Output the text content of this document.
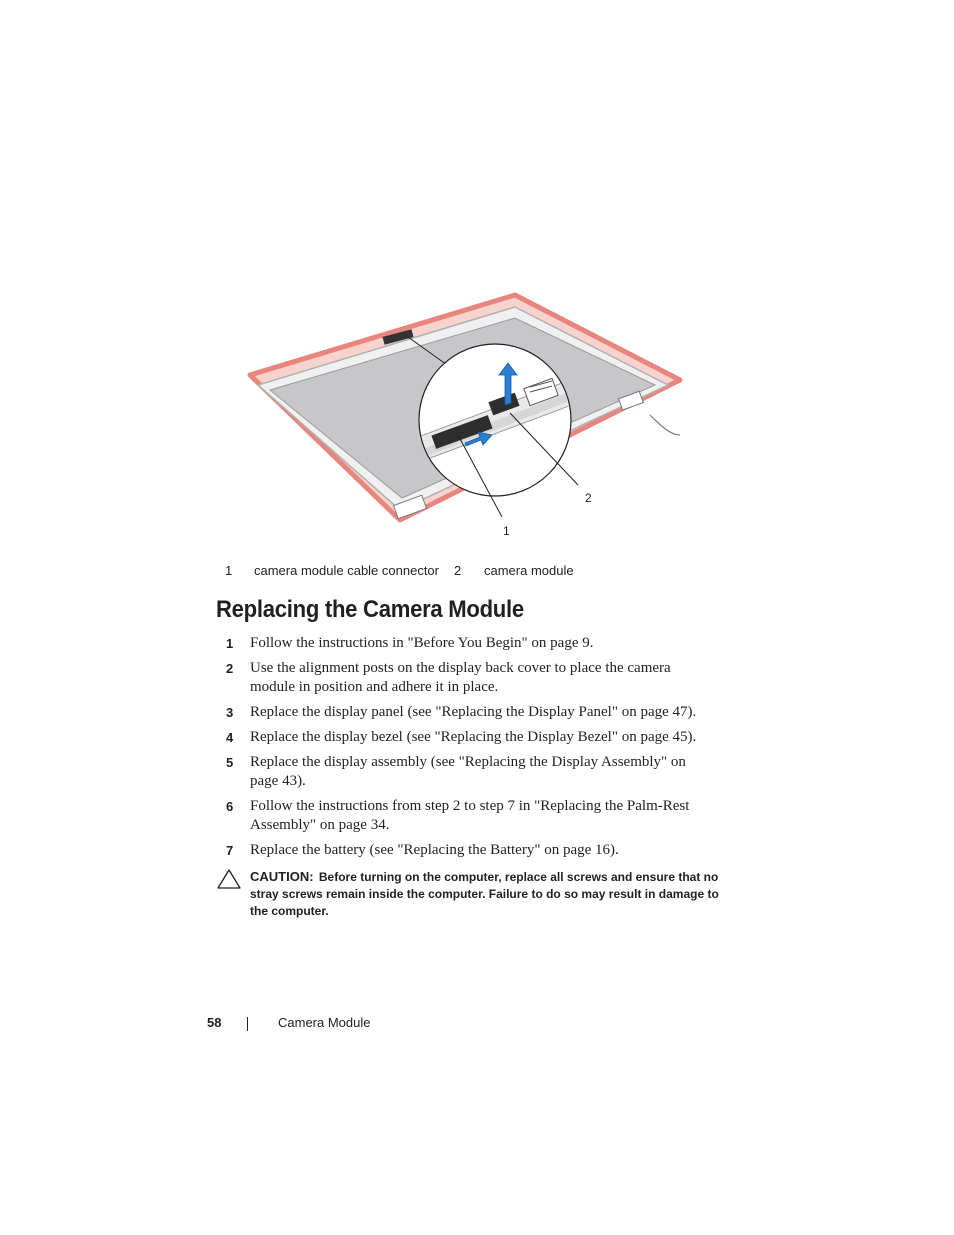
2
1
1 camera module cable connector 2 camera module
Replacing the Camera Module
1 Follow the instructions in "Before You Begin" on page 9.
2 Use the alignment posts on the display back cover to place the camera module in position and adhere it in place.
3 Replace the display panel (see "Replacing the Display Panel" on page 47).
4 Replace the display bezel (see "Replacing the Display Bezel" on page 45).
5 Replace the display assembly (see "Replacing the Display Assembly" on page 43).
6 Follow the instructions from step 2 to step 7 in "Replacing the Palm-Rest Assembly" on page 34.
7 Replace the battery (see "Replacing the Battery" on page 16).
CAUTION: Before turning on the computer, replace all screws and ensure that no stray screws remain inside the computer. Failure to do so may result in damage to the computer.
58	Camera Module
